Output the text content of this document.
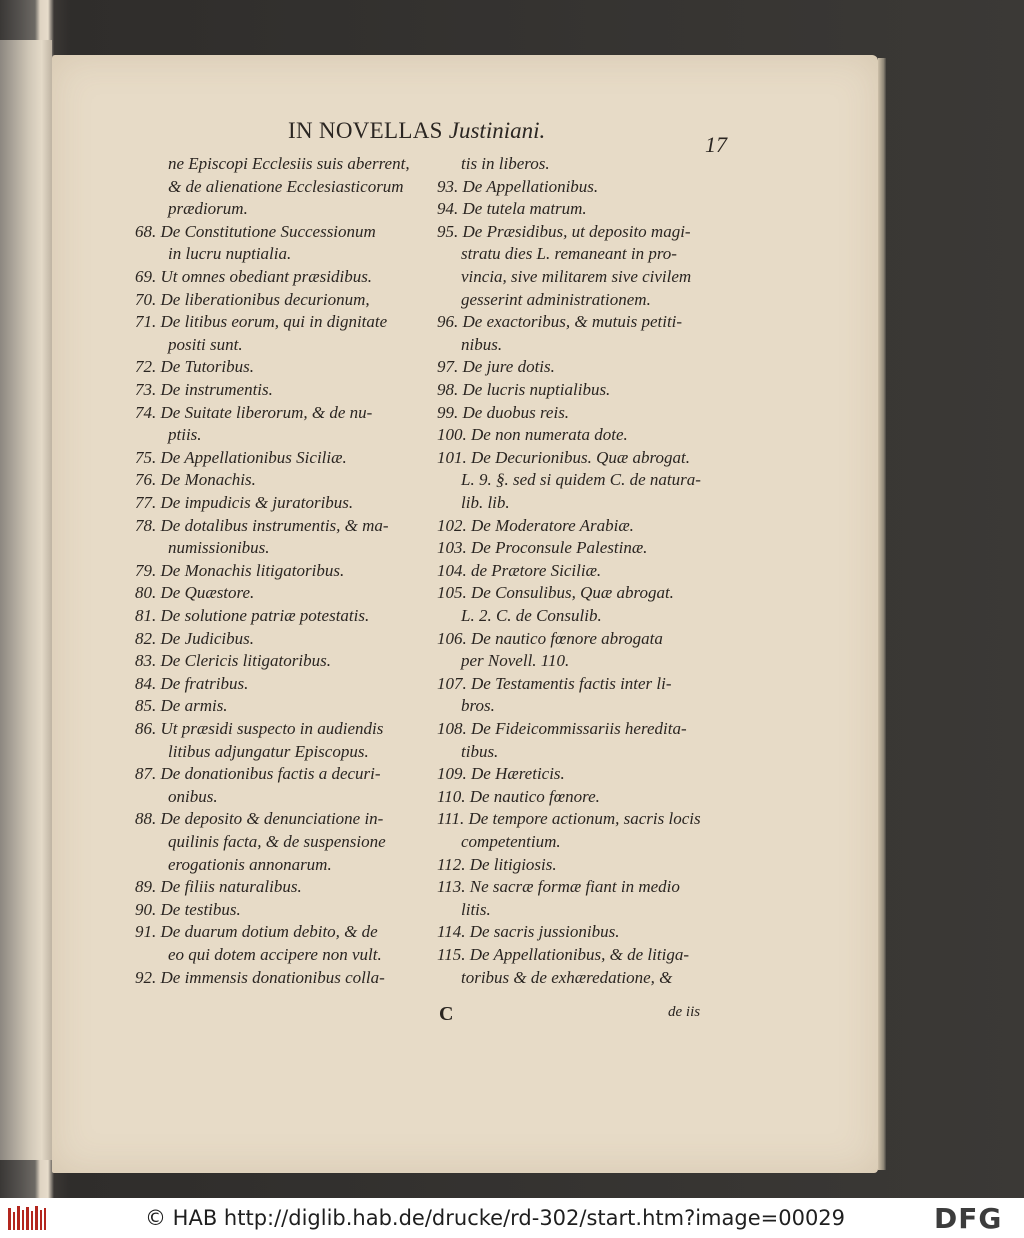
IN NOVELLAS Justiniani.
17
ne Episcopi Ecclesiis suis aberrent,
& de alienatione Ecclesiasticorum
prædiorum.
68. De Constitutione Successionum
in lucru nuptialia.
69. Ut omnes obediant præsidibus.
70. De liberationibus decurionum,
71. De litibus eorum, qui in dignitate
positi sunt.
72. De Tutoribus.
73. De instrumentis.
74. De Suitate liberorum, & de nu-
ptiis.
75. De Appellationibus Siciliæ.
76. De Monachis.
77. De impudicis & juratoribus.
78. De dotalibus instrumentis, & ma-
numissionibus.
79. De Monachis litigatoribus.
80. De Quæstore.
81. De solutione patriæ potestatis.
82. De Judicibus.
83. De Clericis litigatoribus.
84. De fratribus.
85. De armis.
86. Ut præsidi suspecto in audiendis
litibus adjungatur Episcopus.
87. De donationibus factis a decuri-
onibus.
88. De deposito & denunciatione in-
quilinis facta, & de suspensione
erogationis annonarum.
89. De filiis naturalibus.
90. De testibus.
91. De duarum dotium debito, & de
eo qui dotem accipere non vult.
92. De immensis donationibus colla-
tis in liberos.
93. De Appellationibus.
94. De tutela matrum.
95. De Præsidibus, ut deposito magi-
stratu dies L. remaneant in pro-
vincia, sive militarem sive civilem
gesserint administrationem.
96. De exactoribus, & mutuis petiti-
nibus.
97. De jure dotis.
98. De lucris nuptialibus.
99. De duobus reis.
100. De non numerata dote.
101. De Decurionibus. Quæ abrogat.
L. 9. §. sed si quidem C. de natura-
lib. lib.
102. De Moderatore Arabiæ.
103. De Proconsule Palestinæ.
104. de Prætore Siciliæ.
105. De Consulibus, Quæ abrogat.
L. 2. C. de Consulib.
106. De nautico fœnore abrogata
per Novell. 110.
107. De Testamentis factis inter li-
bros.
108. De Fideicommissariis heredita-
tibus.
109. De Hæreticis.
110. De nautico fœnore.
111. De tempore actionum, sacris locis
competentium.
112. De litigiosis.
113. Ne sacræ formæ fiant in medio
litis.
114. De sacris jussionibus.
115. De Appellationibus, & de litiga-
toribus & de exhæredatione, &
C	de iis
© HAB http://diglib.hab.de/drucke/rd-302/start.htm?image=00029	DFG
